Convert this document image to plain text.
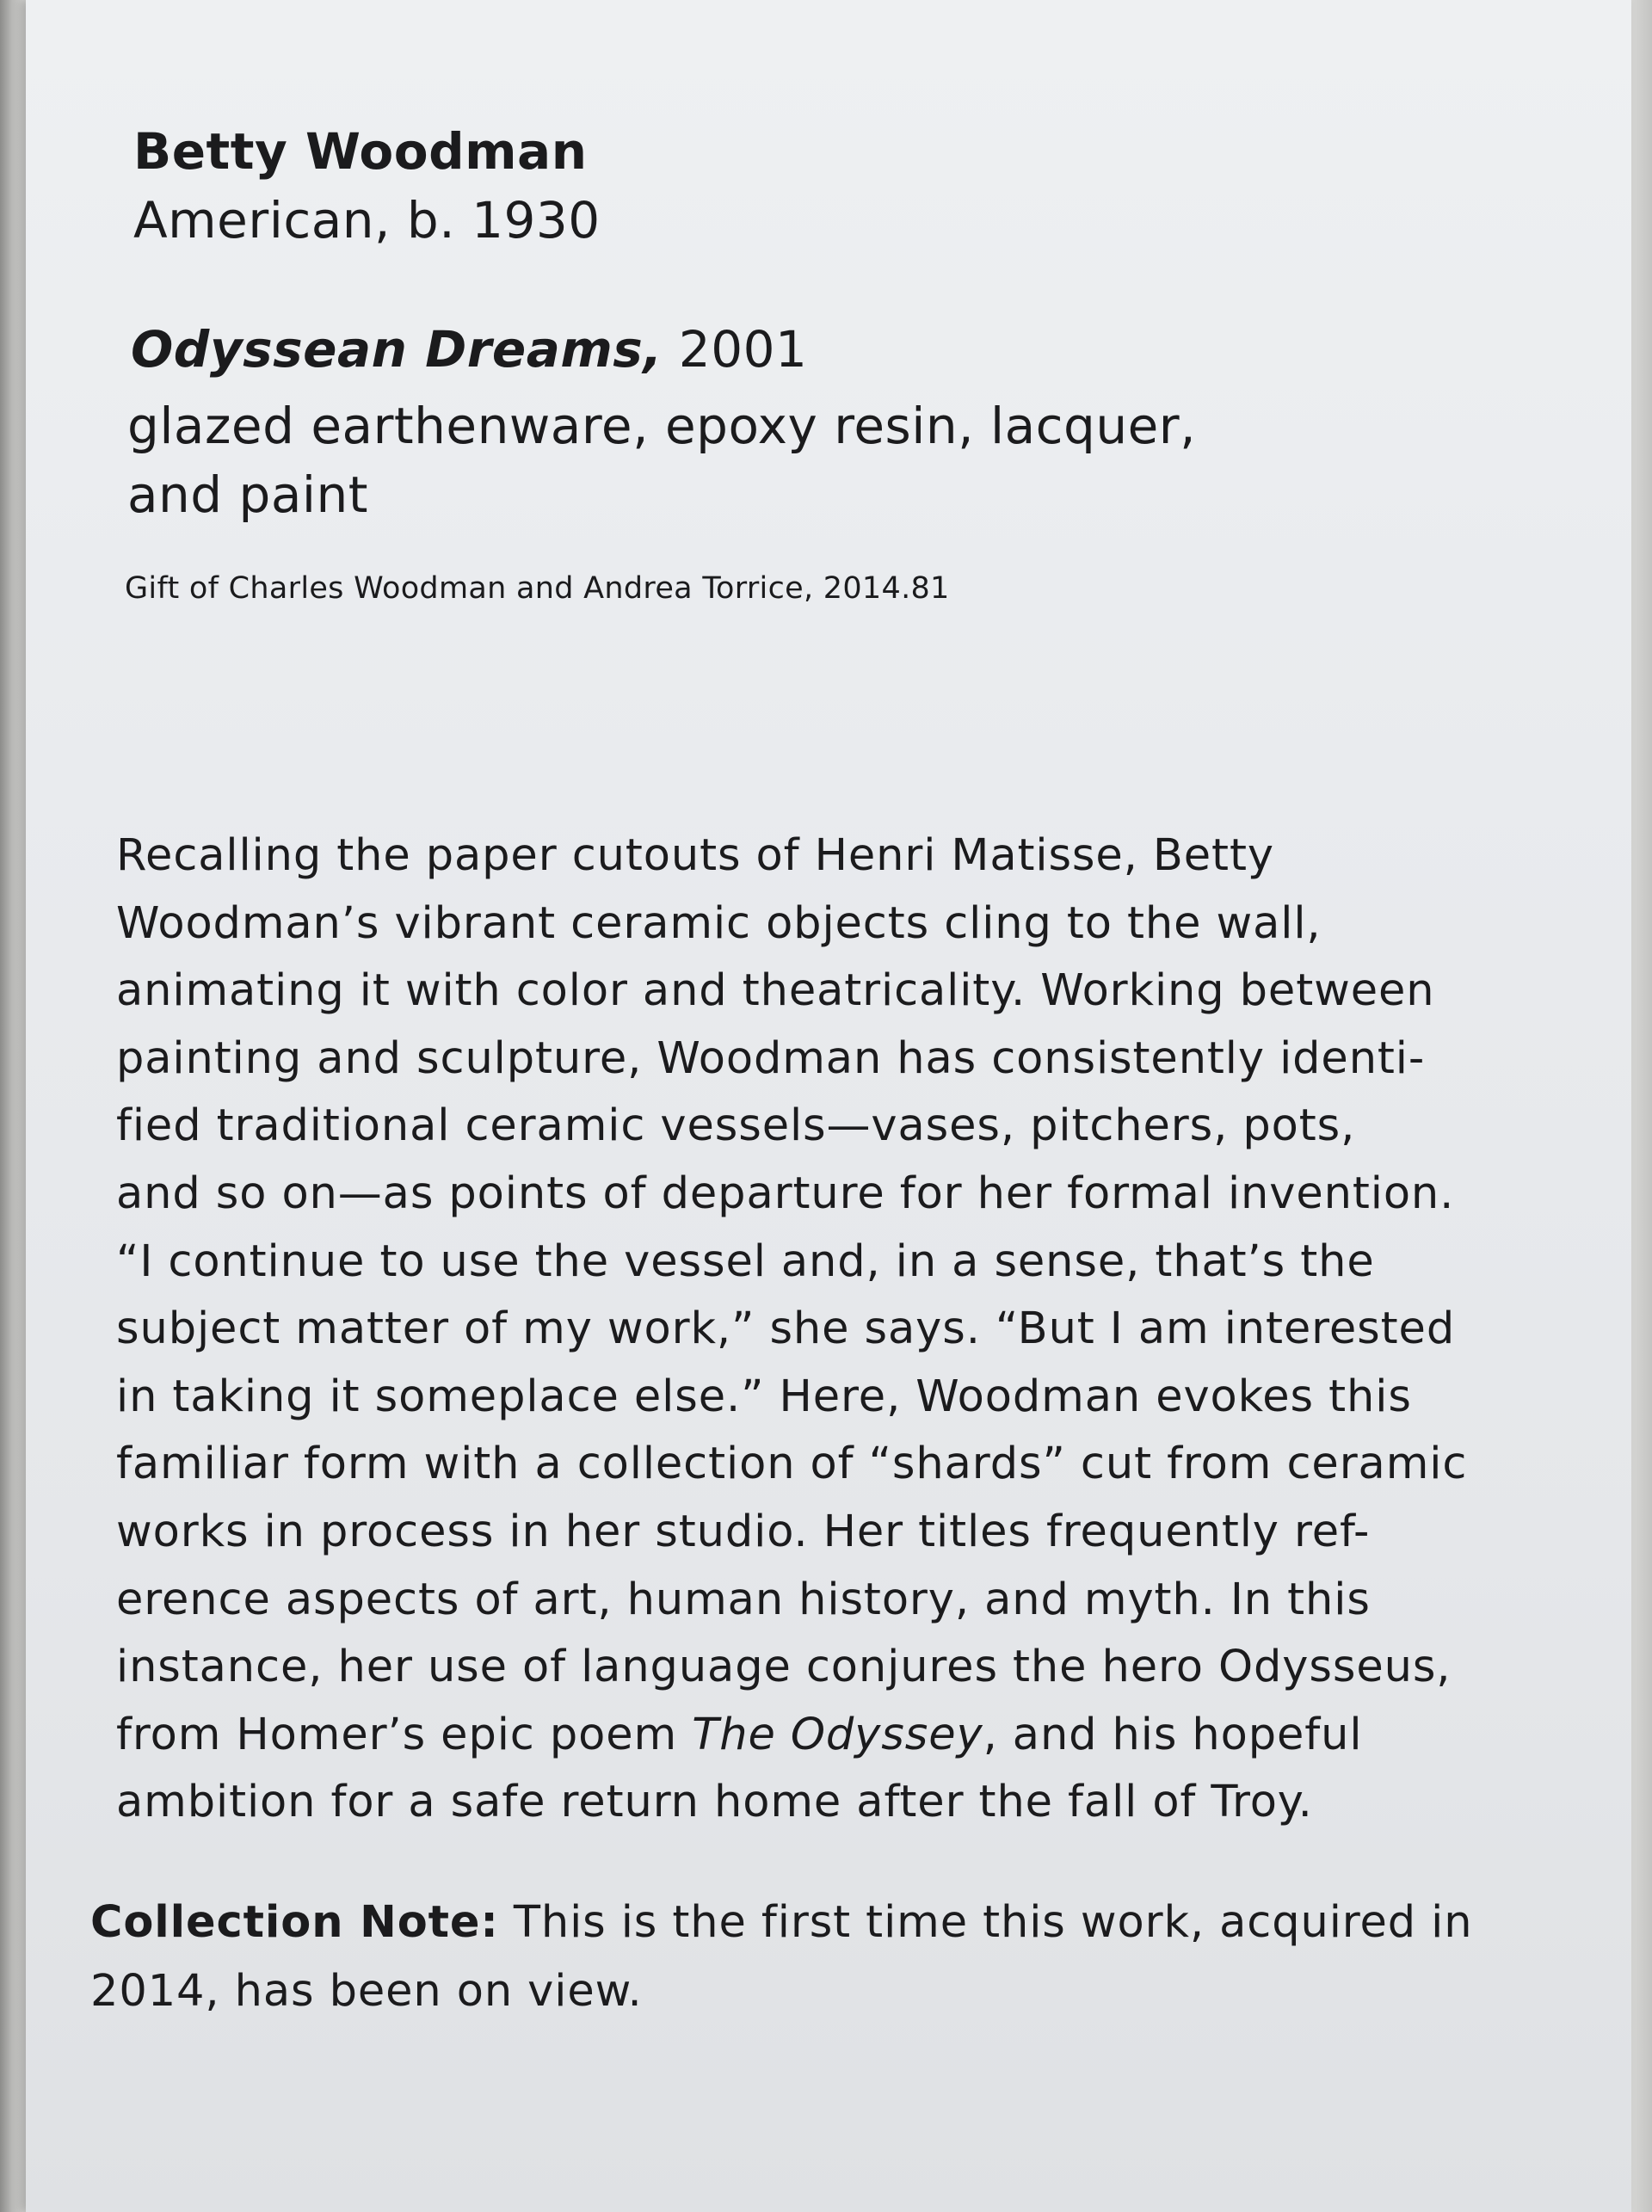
Betty Woodman

American, b. 1930

Odyssean Dreams, 2001

glazed earthenware, epoxy resin, lacquer,
and paint

Gift of Charles Woodman and Andrea Torrice, 2014.81

Recalling the paper cutouts of Henri Matisse, Betty
Woodman’s vibrant ceramic objects cling to the wall,
animating it with color and theatricality. Working between
painting and sculpture, Woodman has consistently identi-
fied traditional ceramic vessels—vases, pitchers, pots,
and so on—as points of departure for her formal invention.
“I continue to use the vessel and, in a sense, that’s the
subject matter of my work,” she says. “But I am interested
in taking it someplace else.” Here, Woodman evokes this
familiar form with a collection of “shards” cut from ceramic
works in process in her studio. Her titles frequently ref-
erence aspects of art, human history, and myth. In this
instance, her use of language conjures the hero Odysseus,
from Homer’s epic poem The Odyssey, and his hopeful
ambition for a safe return home after the fall of Troy.

Collection Note: This is the first time this work, acquired in
2014, has been on view.
